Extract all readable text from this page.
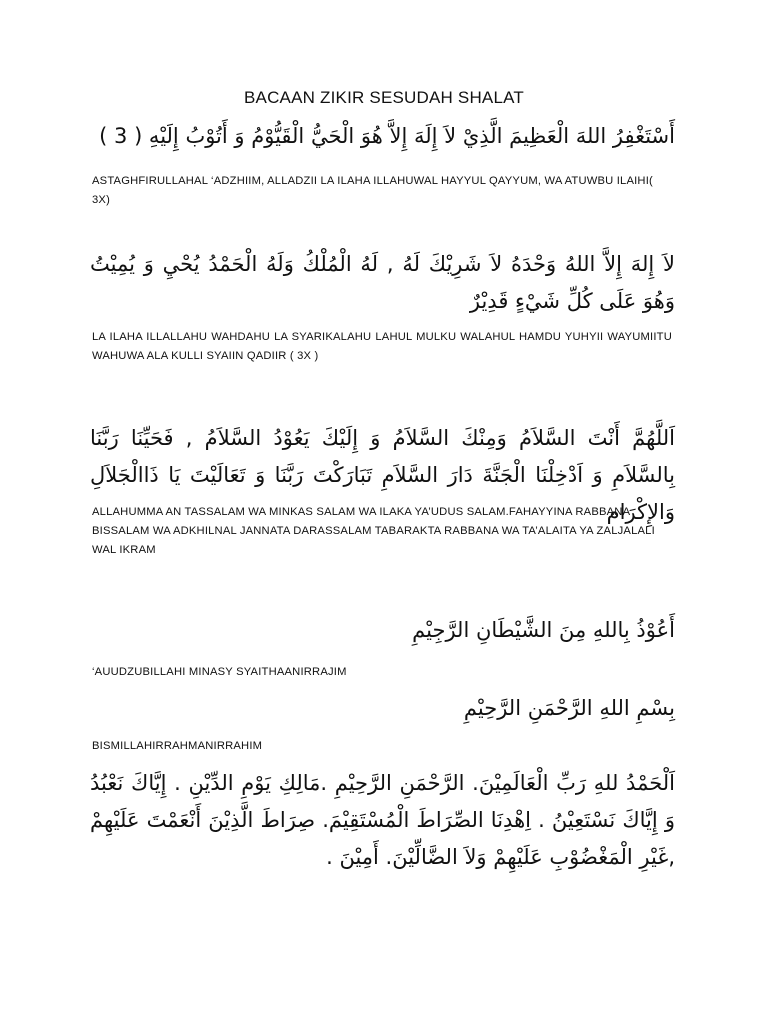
BACAAN ZIKIR SESUDAH SHALAT
أَسْتَغْفِرُ اللهَ الْعَظِيمَ الَّذِيْ لاَ إِلَهَ إِلاَّ هُوَ الْحَيُّ الْقَيُّوْمُ وَ أَتُوْبُ إِلَيْهِ ( 3 )
ASTAGHFIRULLAHAL ‘ADZHIIM, ALLADZII LA ILAHA ILLAHUWAL HAYYUL QAYYUM, WA ATUWBU ILAIHI( 3X)
لاَ إِلهَ إِلاَّ اللهُ وَحْدَهُ لاَ شَرِيْكَ لَهُ , لَهُ الْمُلْكُ وَلَهُ الْحَمْدُ يُحْيِ وَ يُمِيْتُ وَهُوَ عَلَى كُلِّ شَيْءٍ قَدِيْرٌ
LA ILAHA ILLALLAHU WAHDAHU LA SYARIKALAHU LAHUL MULKU WALAHUL HAMDU YUHYII WAYUMIITU WAHUWA ALA KULLI SYAIIN QADIIR ( 3X )
اَللَّهُمَّ أَنْتَ السَّلاَمُ وَمِنْكَ السَّلاَمُ وَ إِلَيْكَ يَعُوْدُ السَّلاَمُ , فَحَيِّنَا رَبَّنَا بِالسَّلاَمِ وَ اَدْخِلْنَا الْجَنَّةَ دَارَ السَّلاَمِ تَبَارَكْتَ رَبَّنَا وَ تَعَالَيْتَ يَا ذَاالْجَلاَلِ وَالإِكْرَام
ALLAHUMMA AN TASSALAM WA MINKAS SALAM WA ILAKA YA’UDUS SALAM.FAHAYYINA RABBANA BISSALAM WA ADKHILNAL JANNATA DARASSALAM TABARAKTA RABBANA WA TA’ALAITA YA ZALJALALI WAL IKRAM
أَعُوْذُ بِاللهِ مِنَ الشَّيْطَانِ الرَّجِيْمِ
‘AUUDZUBILLAHI MINASY SYAITHAANIRRAJIM
بِسْمِ اللهِ الرَّحْمَنِ الرَّحِيْمِ
BISMILLAHIRRAHMANIRRAHIM
اَلْحَمْدُ للهِ رَبِّ الْعَالَمِيْنَ. الرَّحْمَنِ الرَّحِيْمِ .مَالِكِ يَوْمِ الدِّيْنِ . إِيَّاكَ نَعْبُدُ وَ إِيَّاكَ نَسْتَعِيْنُ . اِهْدِنَا الصِّرَاطَ الْمُسْتَقِيْمَ. صِرَاطَ الَّذِيْنَ أَنْعَمْتَ عَلَيْهِمْ ,غَيْرِ الْمَغْضُوْبِ عَلَيْهِمْ وَلاَ الضَّالِّيْنَ. أَمِيْنَ .
